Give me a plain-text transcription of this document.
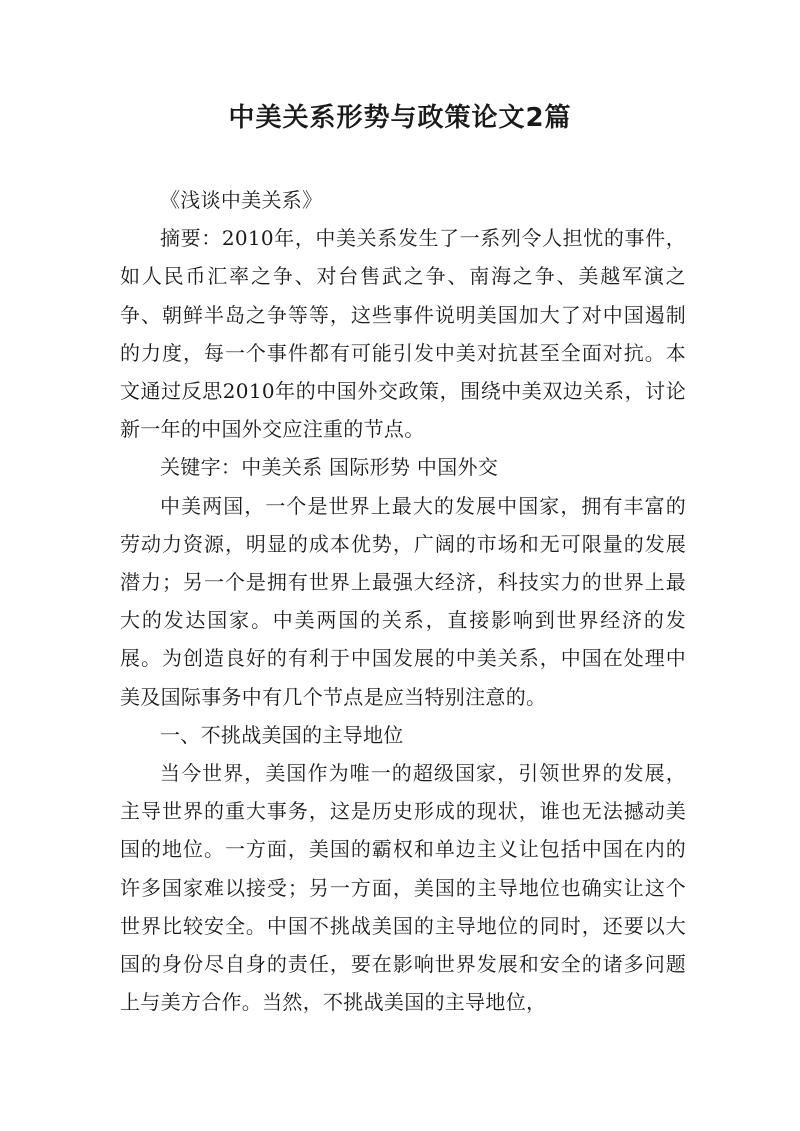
中美关系形势与政策论文2篇

《浅谈中美关系》

摘要：2010年，中美关系发生了一系列令人担忧的事件，如人民币汇率之争、对台售武之争、南海之争、美越军演之争、朝鲜半岛之争等等，这些事件说明美国加大了对中国遏制的力度，每一个事件都有可能引发中美对抗甚至全面对抗。本文通过反思2010年的中国外交政策，围绕中美双边关系，讨论新一年的中国外交应注重的节点。

关键字：中美关系 国际形势 中国外交

中美两国，一个是世界上最大的发展中国家，拥有丰富的劳动力资源，明显的成本优势，广阔的市场和无可限量的发展潜力；另一个是拥有世界上最强大经济，科技实力的世界上最大的发达国家。中美两国的关系，直接影响到世界经济的发展。为创造良好的有利于中国发展的中美关系，中国在处理中美及国际事务中有几个节点是应当特别注意的。

一、不挑战美国的主导地位

当今世界，美国作为唯一的超级国家，引领世界的发展，主导世界的重大事务，这是历史形成的现状，谁也无法撼动美国的地位。一方面，美国的霸权和单边主义让包括中国在内的许多国家难以接受；另一方面，美国的主导地位也确实让这个世界比较安全。中国不挑战美国的主导地位的同时，还要以大国的身份尽自身的责任，要在影响世界发展和安全的诸多问题上与美方合作。当然，不挑战美国的主导地位，
